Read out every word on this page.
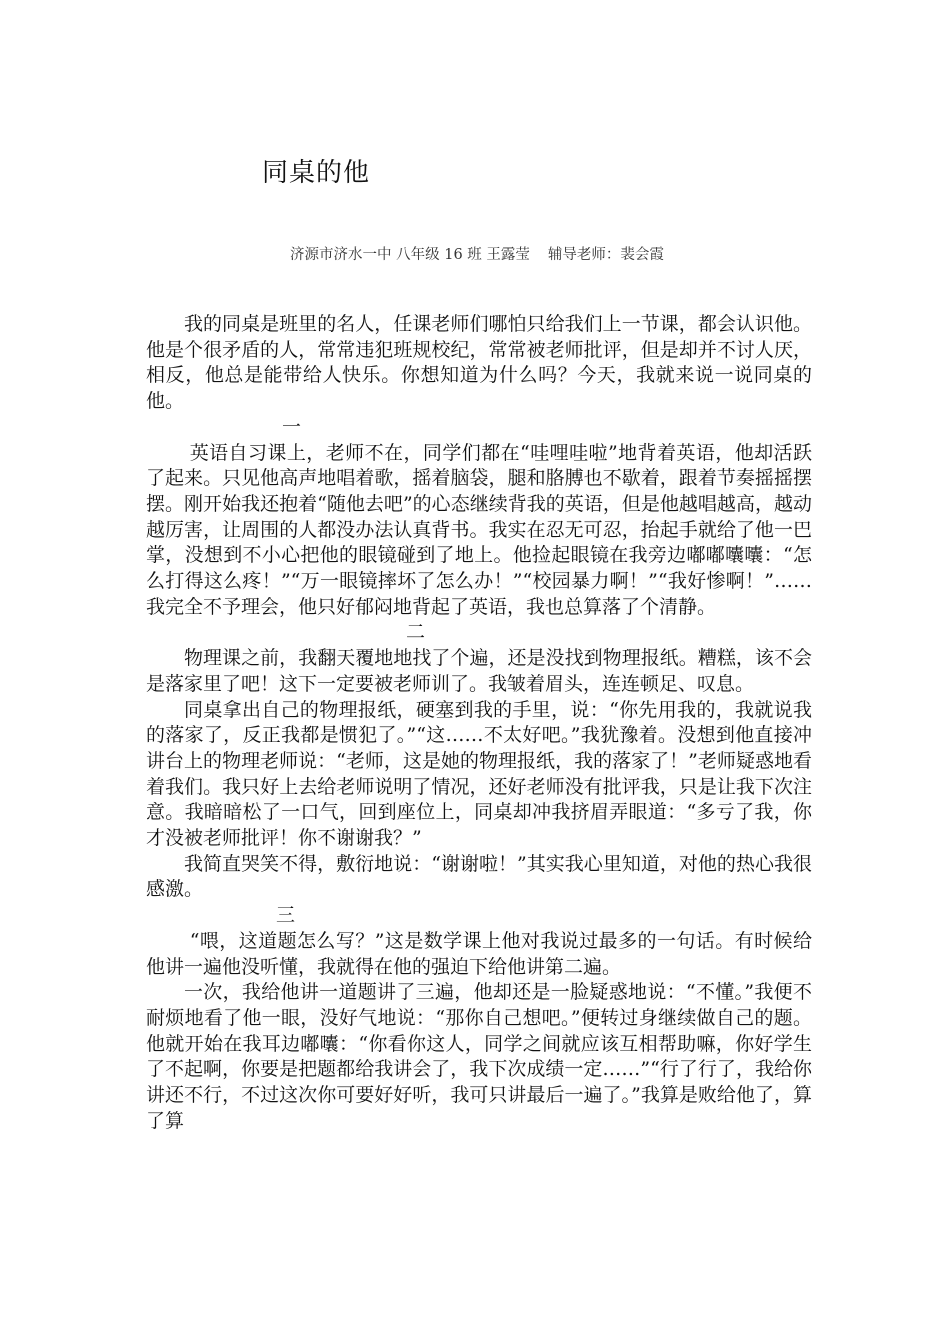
同桌的他
济源市济水一中 八年级 16 班 王露莹 辅导老师：裴会霞

我的同桌是班里的名人，任课老师们哪怕只给我们上一节课，都会认识他。他是个很矛盾的人，常常违犯班规校纪，常常被老师批评，但是却并不讨人厌，相反，他总是能带给人快乐。你想知道为什么吗？今天，我就来说一说同桌的他。

一

英语自习课上，老师不在，同学们都在“哇哩哇啦”地背着英语，他却活跃了起来。只见他高声地唱着歌，摇着脑袋，腿和胳膊也不歇着，跟着节奏摇摇摆摆。刚开始我还抱着“随他去吧”的心态继续背我的英语，但是他越唱越高，越动越厉害，让周围的人都没办法认真背书。我实在忍无可忍，抬起手就给了他一巴掌，没想到不小心把他的眼镜碰到了地上。他捡起眼镜在我旁边嘟嘟囔囔：“怎么打得这么疼！”“万一眼镜摔坏了怎么办！”“校园暴力啊！”“我好惨啊！”……我完全不予理会，他只好郁闷地背起了英语，我也总算落了个清静。

二

物理课之前，我翻天覆地地找了个遍，还是没找到物理报纸。糟糕，该不会是落家里了吧！这下一定要被老师训了。我皱着眉头，连连顿足、叹息。

同桌拿出自己的物理报纸，硬塞到我的手里，说：“你先用我的，我就说我的落家了，反正我都是惯犯了。”“这……不太好吧。”我犹豫着。没想到他直接冲讲台上的物理老师说：“老师，这是她的物理报纸，我的落家了！”老师疑惑地看着我们。我只好上去给老师说明了情况，还好老师没有批评我，只是让我下次注意。我暗暗松了一口气，回到座位上，同桌却冲我挤眉弄眼道：“多亏了我，你才没被老师批评！你不谢谢我？”

我简直哭笑不得，敷衍地说：“谢谢啦！”其实我心里知道，对他的热心我很感激。

三

“喂，这道题怎么写？”这是数学课上他对我说过最多的一句话。有时候给他讲一遍他没听懂，我就得在他的强迫下给他讲第二遍。

一次，我给他讲一道题讲了三遍，他却还是一脸疑惑地说：“不懂。”我便不耐烦地看了他一眼，没好气地说：“那你自己想吧。”便转过身继续做自己的题。他就开始在我耳边嘟囔：“你看你这人，同学之间就应该互相帮助嘛，你好学生了不起啊，你要是把题都给我讲会了，我下次成绩一定……”“行了行了，我给你讲还不行，不过这次你可要好好听，我可只讲最后一遍了。”我算是败给他了，算了算
